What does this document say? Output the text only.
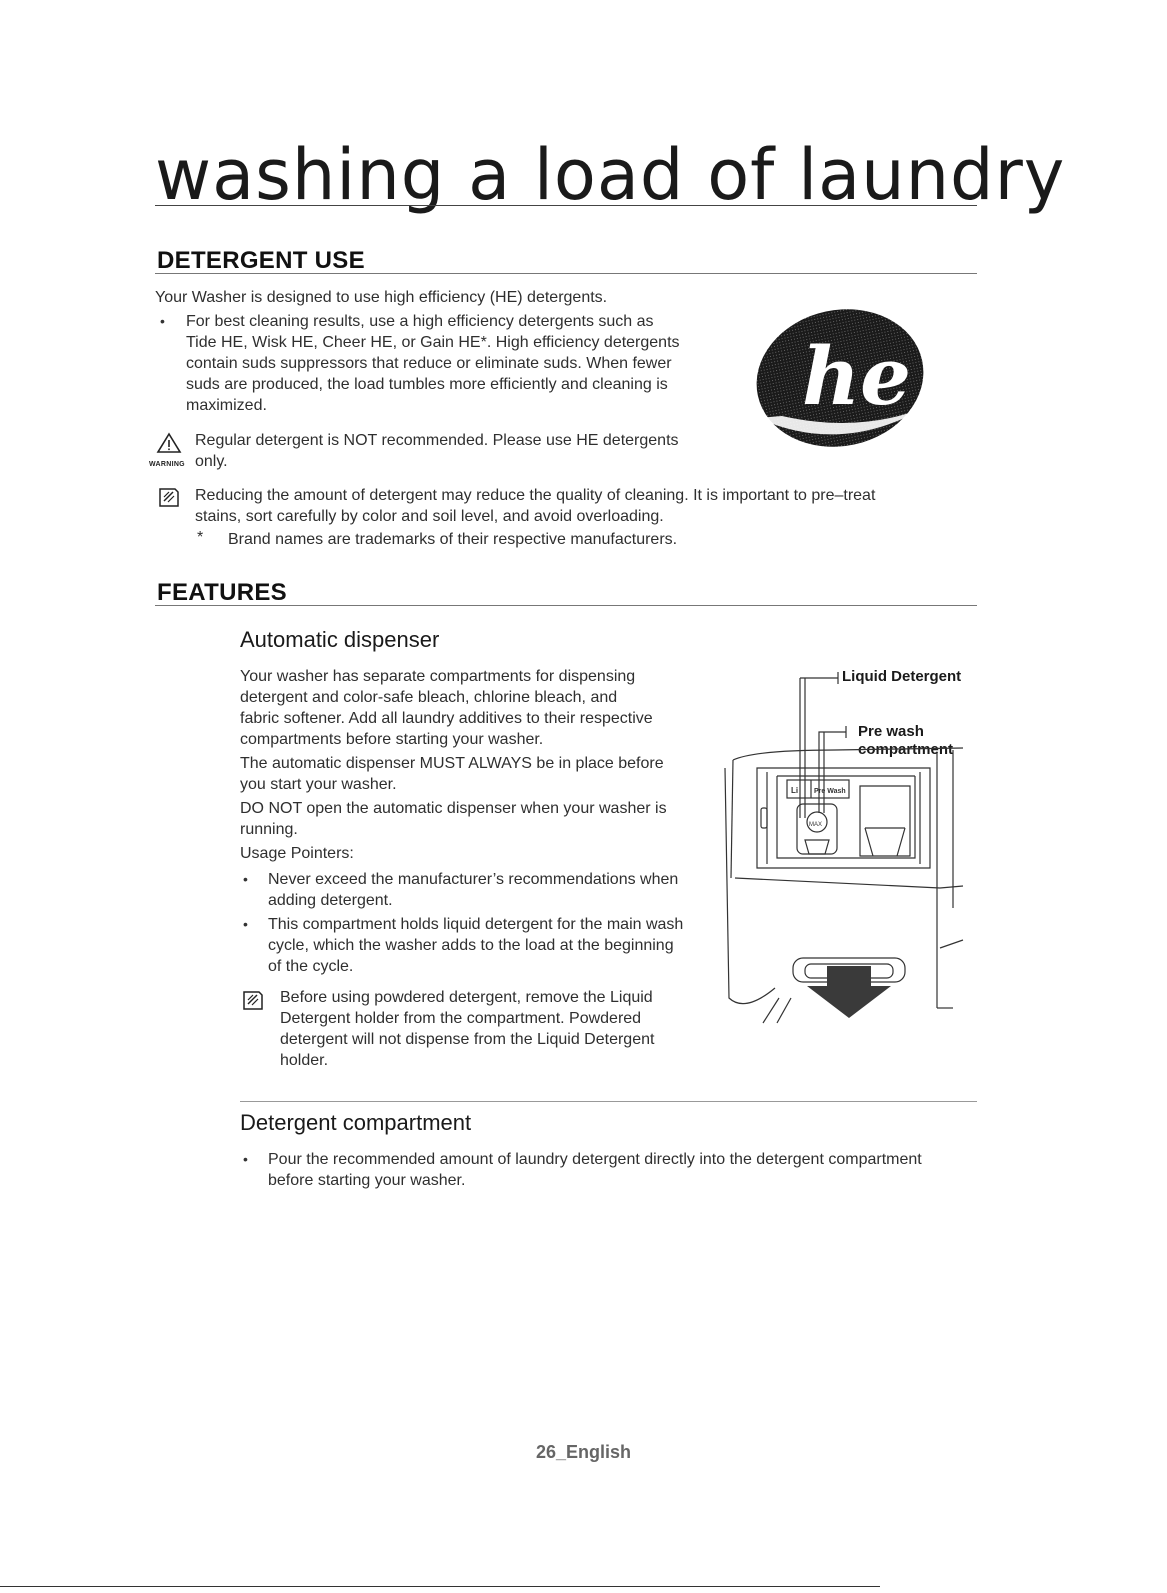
washing a load of laundry
DETERGENT USE
Your Washer is designed to use high efficiency (HE) detergents.
• For best cleaning results, use a high efficiency detergents such as
Tide HE, Wisk HE, Cheer HE, or Gain HE*. High efficiency detergents
contain suds suppressors that reduce or eliminate suds. When fewer
suds are produced, the load tumbles more efficiently and cleaning is
maximized.	he
WARNING
Regular detergent is NOT recommended. Please use HE detergents
only.
Reducing the amount of detergent may reduce the quality of cleaning. It is important to pre–treat
stains, sort carefully by color and soil level, and avoid overloading.
* Brand names are trademarks of their respective manufacturers.
FEATURES
Automatic dispenser
Your washer has separate compartments for dispensing
detergent and color-safe bleach, chlorine bleach, and
fabric softener. Add all laundry additives to their respective
compartments before starting your washer.
The automatic dispenser MUST ALWAYS be in place before
you start your washer.
DO NOT open the automatic dispenser when your washer is
running.
Usage Pointers:
• Never exceed the manufacturer’s recommendations when
adding detergent.
• This compartment holds liquid detergent for the main wash
cycle, which the washer adds to the load at the beginning
of the cycle.
Before using powdered detergent, remove the Liquid
Detergent holder from the compartment. Powdered
detergent will not dispense from the Liquid Detergent
holder.
Liquid Detergent
Pre wash
compartment
Li Pre Wash
MAX
Detergent compartment
• Pour the recommended amount of laundry detergent directly into the detergent compartment
before starting your washer.
26_English
